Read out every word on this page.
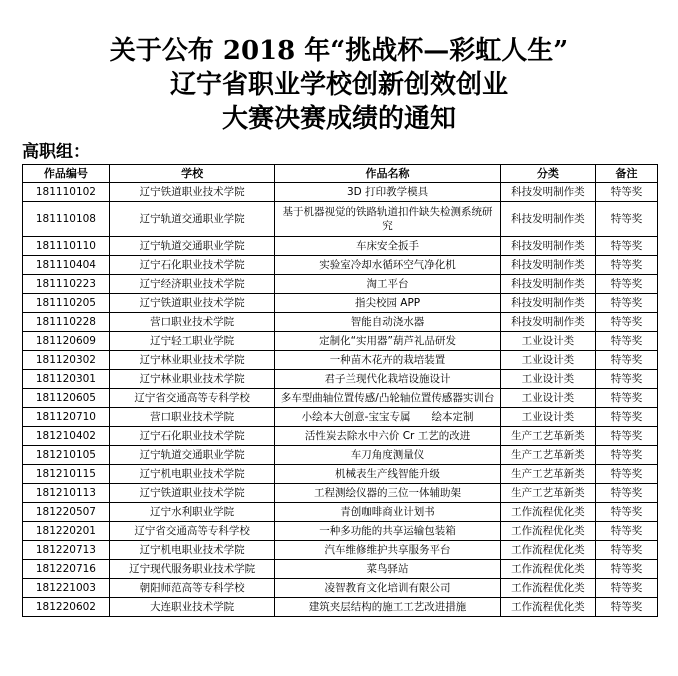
关于公布 2018 年“挑战杯—彩虹人生”
辽宁省职业学校创新创效创业
大赛决赛成绩的通知
高职组：
作品编号	学校	作品名称	分类	备注
181110102	辽宁铁道职业技术学院	3D 打印教学模具	科技发明制作类	特等奖
181110108	辽宁轨道交通职业学院	基于机器视觉的铁路轨道扣件缺失检测系统研究	科技发明制作类	特等奖
181110110	辽宁轨道交通职业学院	车床安全扳手	科技发明制作类	特等奖
181110404	辽宁石化职业技术学院	实验室冷却水循环空气净化机	科技发明制作类	特等奖
181110223	辽宁经济职业技术学院	淘工平台	科技发明制作类	特等奖
181110205	辽宁铁道职业技术学院	指尖校园 APP	科技发明制作类	特等奖
181110228	营口职业技术学院	智能自动浇水器	科技发明制作类	特等奖
181120609	辽宁轻工职业学院	定制化“实用器”葫芦礼品研发	工业设计类	特等奖
181120302	辽宁林业职业技术学院	一种苗木花卉的栽培装置	工业设计类	特等奖
181120301	辽宁林业职业技术学院	君子兰现代化栽培设施设计	工业设计类	特等奖
181120605	辽宁省交通高等专科学校	多车型曲轴位置传感/凸轮轴位置传感器实训台	工业设计类	特等奖
181120710	营口职业技术学院	小绘本大创意-宝宝专属　　绘本定制	工业设计类	特等奖
181210402	辽宁石化职业技术学院	活性炭去除水中六价 Cr 工艺的改进	生产工艺革新类	特等奖
181210105	辽宁轨道交通职业学院	车刀角度测量仪	生产工艺革新类	特等奖
181210115	辽宁机电职业技术学院	机械表生产线智能升级	生产工艺革新类	特等奖
181210113	辽宁铁道职业技术学院	工程测绘仪器的三位一体辅助架	生产工艺革新类	特等奖
181220507	辽宁水利职业学院	青创咖啡商业计划书	工作流程优化类	特等奖
181220201	辽宁省交通高等专科学校	一种多功能的共享运输包装箱	工作流程优化类	特等奖
181220713	辽宁机电职业技术学院	汽车维修维护共享服务平台	工作流程优化类	特等奖
181220716	辽宁现代服务职业技术学院	菜鸟驿站	工作流程优化类	特等奖
181221003	朝阳师范高等专科学校	凌智教育文化培训有限公司	工作流程优化类	特等奖
181220602	大连职业技术学院	建筑夹层结构的施工工艺改进措施	工作流程优化类	特等奖
